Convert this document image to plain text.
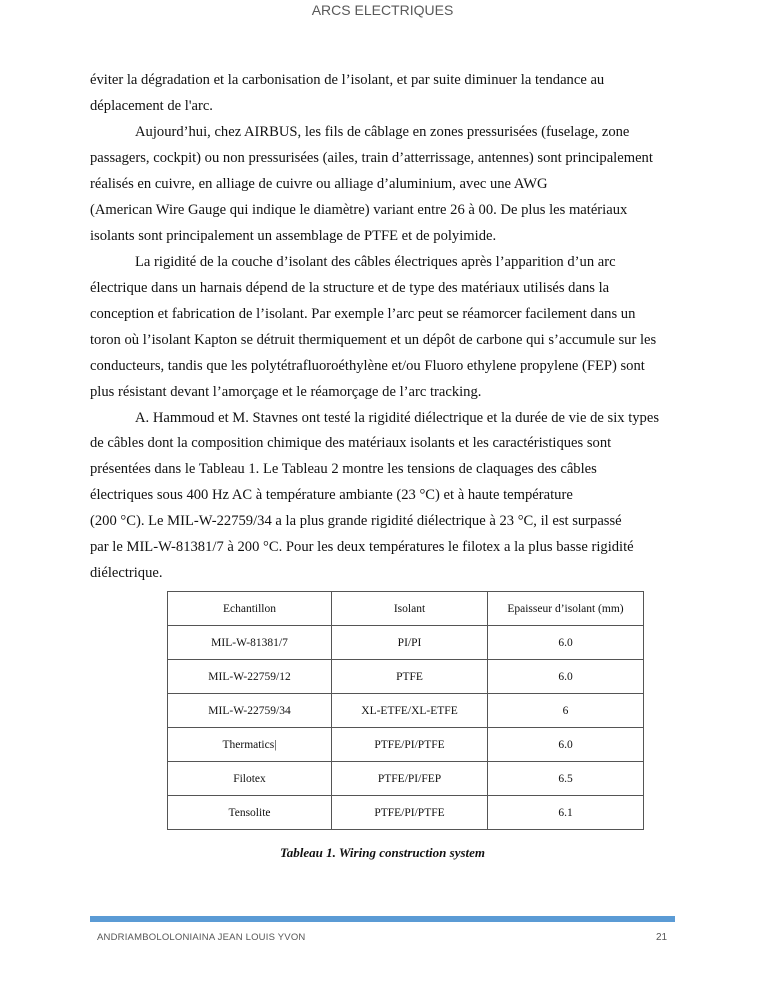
ARCS ELECTRIQUES
éviter la dégradation et la carbonisation de l’isolant, et par suite diminuer la tendance au
déplacement de l'arc.
Aujourd’hui, chez AIRBUS, les fils de câblage en zones pressurisées (fuselage, zone
passagers, cockpit) ou non pressurisées (ailes, train d’atterrissage, antennes) sont principalement
réalisés en cuivre, en alliage de cuivre ou alliage d’aluminium, avec une AWG
(American Wire Gauge qui indique le diamètre) variant entre 26 à 00. De plus les matériaux
isolants sont principalement un assemblage de PTFE et de polyimide.
La rigidité de la couche d’isolant des câbles électriques après l’apparition d’un arc
électrique dans un harnais dépend de la structure et de type des matériaux utilisés dans la
conception et fabrication de l’isolant. Par exemple l’arc peut se réamorcer facilement dans un
toron où l’isolant Kapton se détruit thermiquement et un dépôt de carbone qui s’accumule sur les
conducteurs, tandis que les polytétrafluoroéthylène et/ou Fluoro ethylene propylene (FEP) sont
plus résistant devant l’amorçage et le réamorçage de l’arc tracking.
A. Hammoud et M. Stavnes ont testé la rigidité diélectrique et la durée de vie de six types
de câbles dont la composition chimique des matériaux isolants et les caractéristiques sont
présentées dans le Tableau 1. Le Tableau 2 montre les tensions de claquages des câbles
électriques sous 400 Hz AC à température ambiante (23 °C) et à haute température
(200 °C). Le MIL-W-22759/34 a la plus grande rigidité diélectrique à 23 °C, il est surpassé
par le MIL-W-81381/7 à 200 °C. Pour les deux températures le filotex a la plus basse rigidité
diélectrique.
Echantillon	Isolant	Epaisseur d’isolant (mm)
MIL-W-81381/7	PI/PI	6.0
MIL-W-22759/12	PTFE	6.0
MIL-W-22759/34	XL-ETFE/XL-ETFE	6
Thermatics|	PTFE/PI/PTFE	6.0
Filotex	PTFE/PI/FEP	6.5
Tensolite	PTFE/PI/PTFE	6.1
Tableau 1. Wiring construction system
ANDRIAMBOLOLONIAINA JEAN LOUIS YVON	21
